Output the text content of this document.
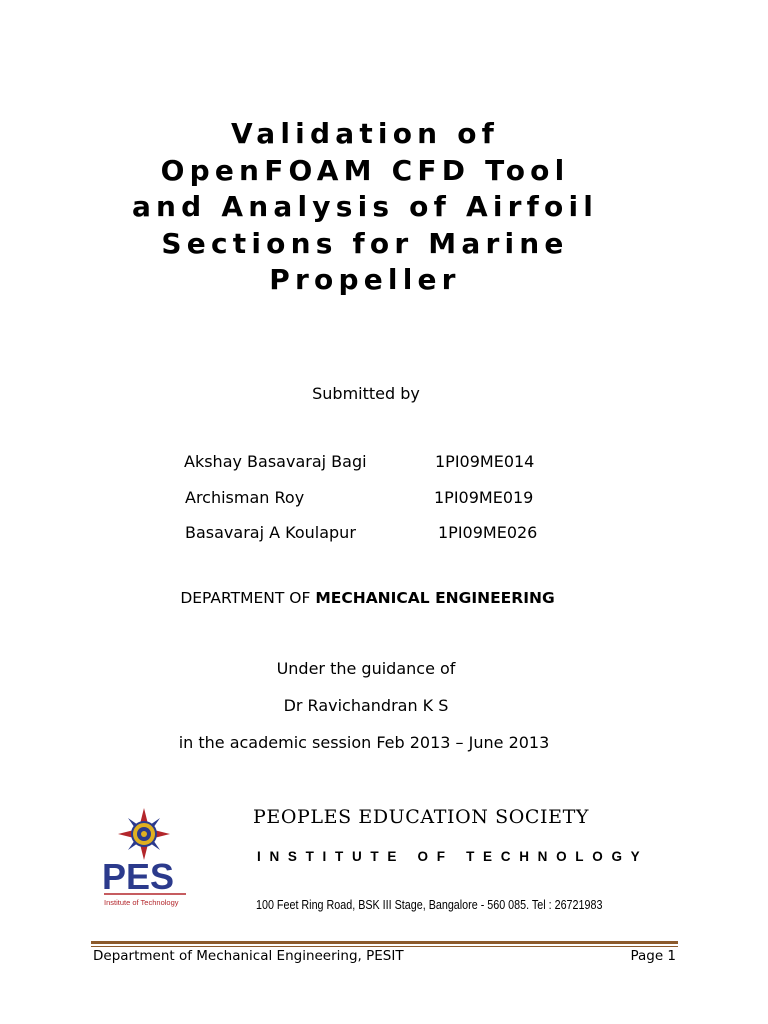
Validation of
OpenFOAM CFD Tool
and Analysis of Airfoil
Sections for Marine
Propeller
Submitted by
Akshay Basavaraj Bagi	1PI09ME014
Archisman Roy	1PI09ME019
Basavaraj A Koulapur	1PI09ME026
DEPARTMENT OF MECHANICAL ENGINEERING
Under the guidance of
Dr Ravichandran K S
in the academic session Feb 2013 – June 2013
PES
Institute of Technology
PEOPLES EDUCATION SOCIETY
INSTITUTE OF TECHNOLOGY
100 Feet Ring Road, BSK III Stage, Bangalore - 560 085. Tel : 26721983
Department of Mechanical Engineering, PESIT	Page 1
